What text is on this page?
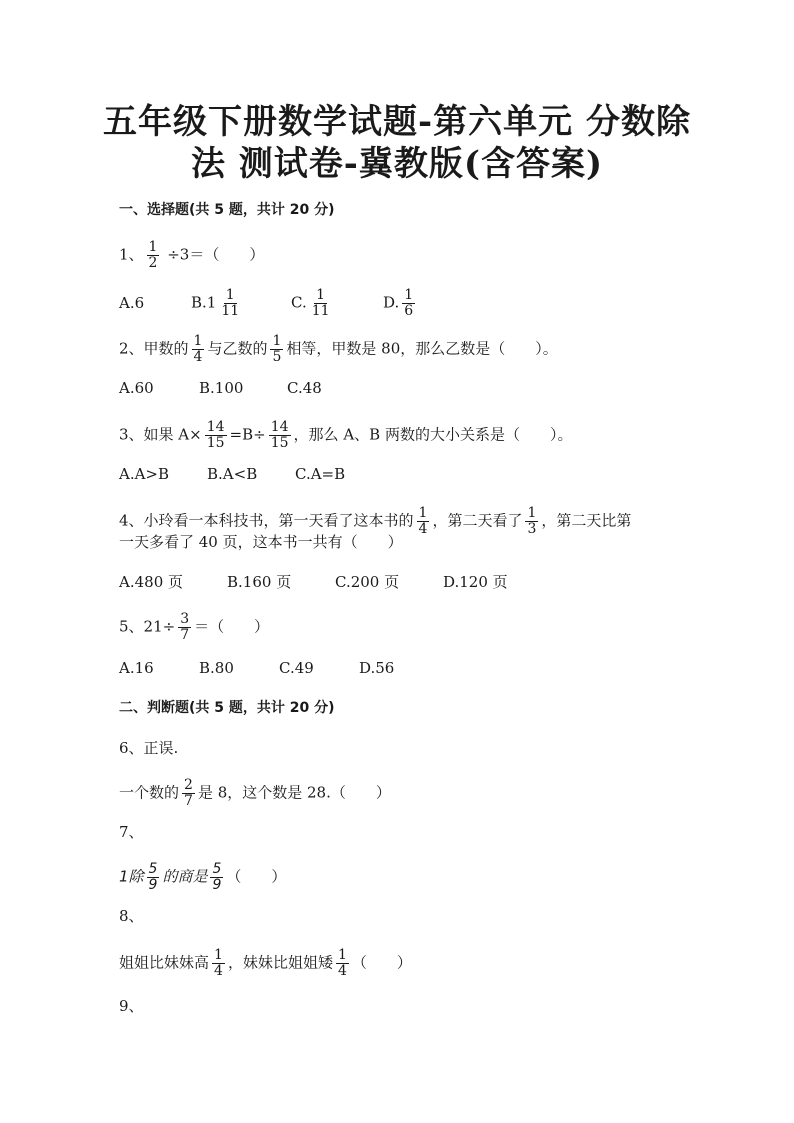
五年级下册数学试题-第六单元 分数除
法 测试卷-冀教版(含答案)
一、选择题(共 5 题，共计 20 分)
1、 $\frac{1}{2} \div 3=$（　　）
A.6	$B.1 \frac{1}{11}$	C. $\frac{1}{11}$	D. $\frac{1}{6}$
2、甲数的 $\frac{1}{4}$ 与乙数的 $\frac{1}{5}$ 相等，甲数是 80，那么乙数是（　　）。
A.60	B.100	C.48
3、如果 $A\times \frac{14}{15} =B\div \frac{14}{15}$ ，那么 A、B 两数的大小关系是（　　）。
A.A>B	B.A<B	C.A=B
4、小玲看一本科技书，第一天看了这本书的 $\frac{1}{4}$ ，第二天看了 $\frac{1}{3}$ ，第二天比第
一天多看了 40 页，这本书一共有（　　）
A.480 页	B.160 页	C.200 页	D.120 页
5、$21\div \frac{3}{7}$ ＝（　　）
A.16	B.80	C.49	D.56
二、判断题(共 5 题，共计 20 分)
6、正误.
一个数的 $\frac{2}{7}$ 是 8，这个数是 28.（　　）
7、
1除 $\frac{5}{9}$ 的商是 $\frac{5}{9}$ （　　）
8、
姐姐比妹妹高 $\frac{1}{4}$ ，妹妹比姐姐矮 $\frac{1}{4}$ （　　）
9、
